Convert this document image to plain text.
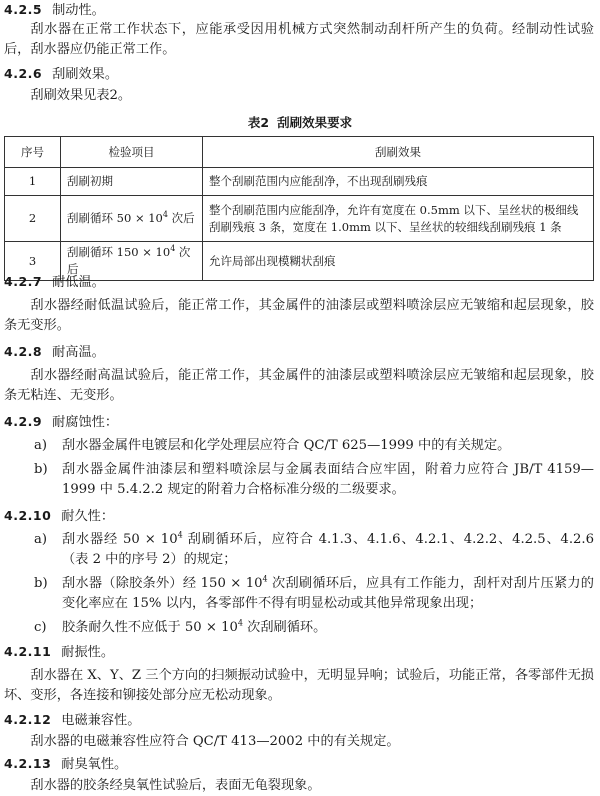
4.2.5 制动性。
刮水器在正常工作状态下，应能承受因用机械方式突然制动刮杆所产生的负荷。经制动性试验后，刮水器应仍能正常工作。
4.2.6 刮刷效果。
刮刷效果见表2。
表2 刮刷效果要求
序号	检验项目	刮刷效果
1	刮刷初期	整个刮刷范围内应能刮净，不出现刮刷残痕
2	刮刷循环 $50 \times 10^4$ 次后	整个刮刷范围内应能刮净，允许有宽度在 0.5mm 以下、呈丝状的极细线刮刷残痕 3 条，宽度在 1.0mm 以下、呈丝状的较细线刮刷残痕 1 条
3	刮刷循环 $150 \times 10^4$ 次后	允许局部出现模糊状刮痕
4.2.7 耐低温。
刮水器经耐低温试验后，能正常工作，其金属件的油漆层或塑料喷涂层应无皱缩和起层现象，胶条无变形。
4.2.8 耐高温。
刮水器经耐高温试验后，能正常工作，其金属件的油漆层或塑料喷涂层应无皱缩和起层现象，胶条无粘连、无变形。
4.2.9 耐腐蚀性：
a) 刮水器金属件电镀层和化学处理层应符合 QC/T 625—1999 中的有关规定。
b) 刮水器金属件油漆层和塑料喷涂层与金属表面结合应牢固，附着力应符合 JB/T 4159—1999 中 5.4.2.2 规定的附着力合格标准分级的二级要求。
4.2.10 耐久性：
a) 刮水器经 $50 \times 10^4$ 刮刷循环后，应符合 4.1.3、4.1.6、4.2.1、4.2.2、4.2.5、4.2.6（表 2 中的序号 2）的规定；
b) 刮水器（除胶条外）经 $150 \times 10^4$ 次刮刷循环后，应具有工作能力，刮杆对刮片压紧力的变化率应在 15% 以内，各零部件不得有明显松动或其他异常现象出现；
c) 胶条耐久性不应低于 $50 \times 10^4$ 次刮刷循环。
4.2.11 耐振性。
刮水器在 X、Y、Z 三个方向的扫频振动试验中，无明显异响；试验后，功能正常，各零部件无损坏、变形，各连接和铆接处部分应无松动现象。
4.2.12 电磁兼容性。
刮水器的电磁兼容性应符合 QC/T 413—2002 中的有关规定。
4.2.13 耐臭氧性。
刮水器的胶条经臭氧性试验后，表面无龟裂现象。
